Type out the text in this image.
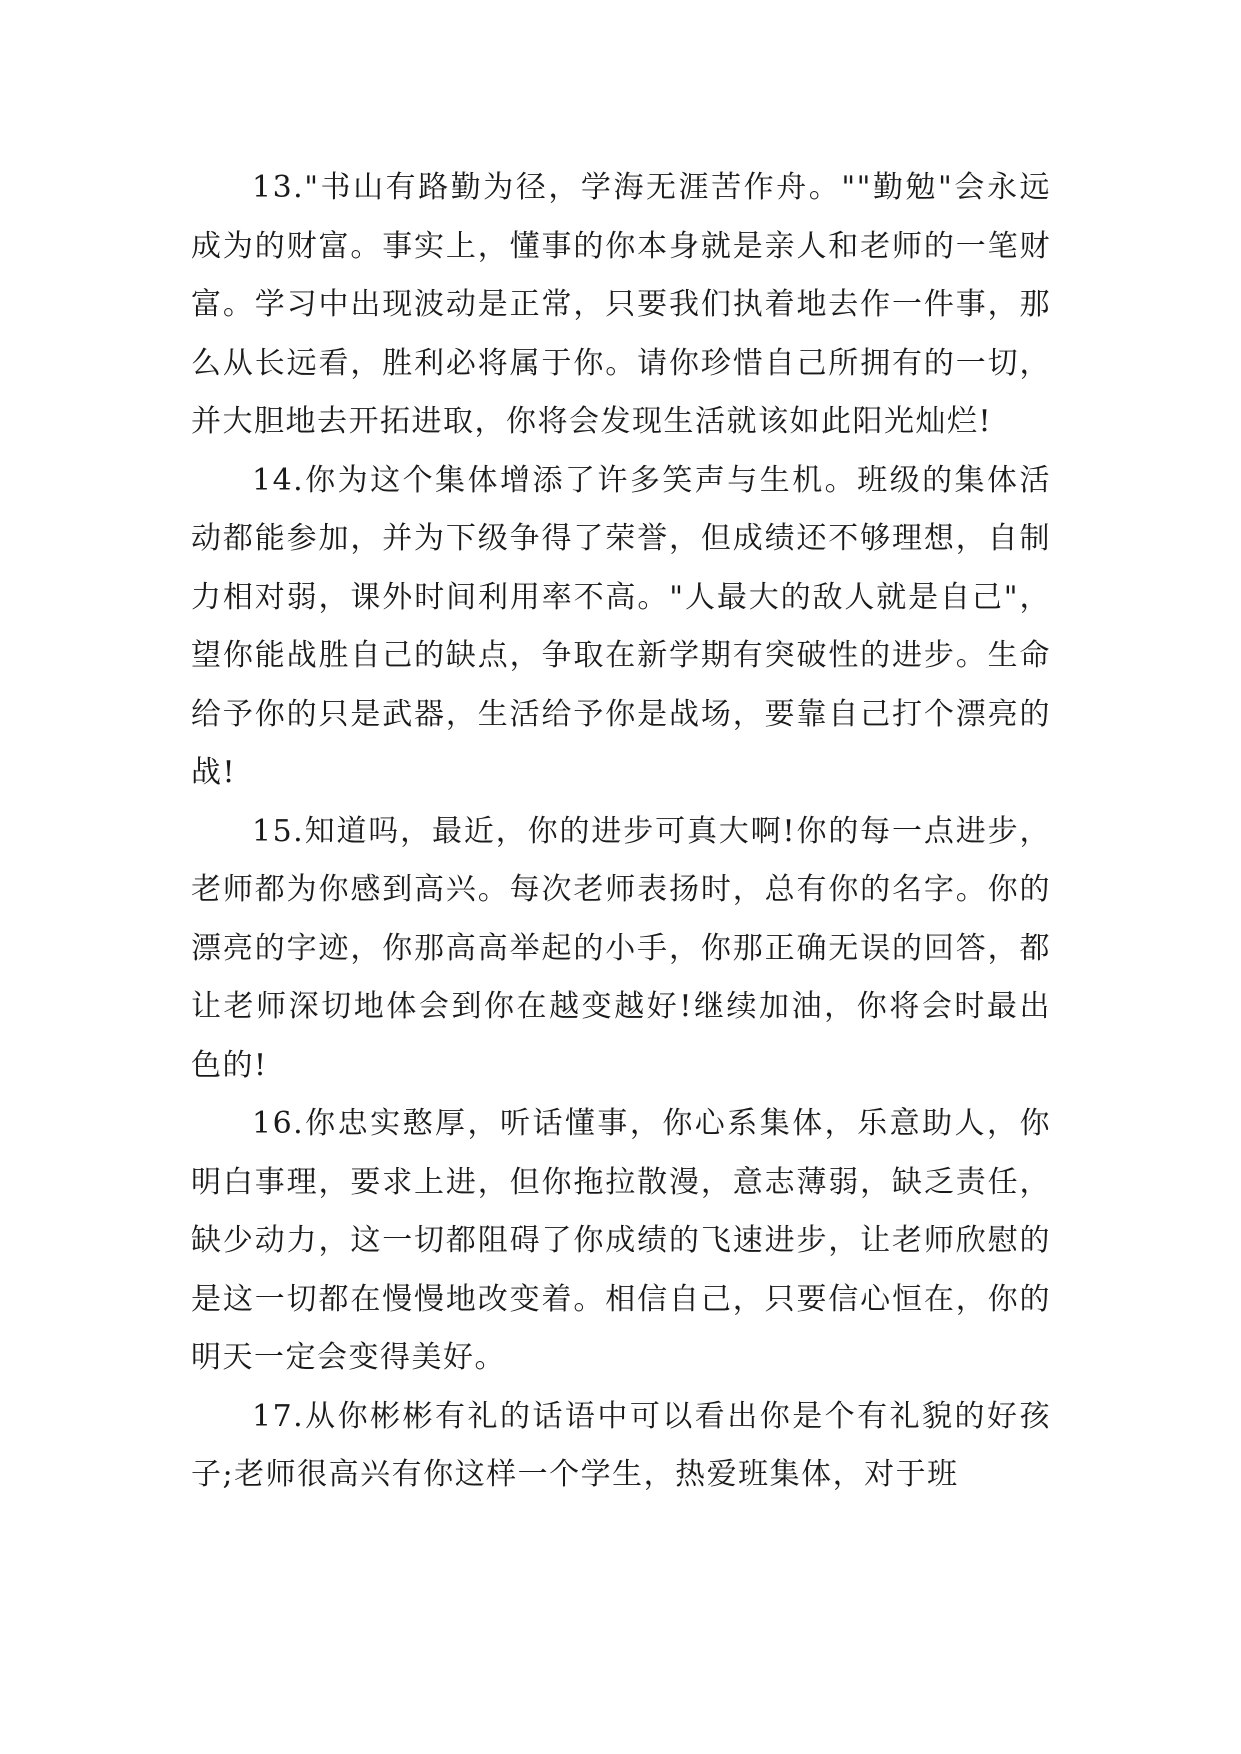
13."书山有路勤为径，学海无涯苦作舟。""勤勉"会永远成为的财富。事实上，懂事的你本身就是亲人和老师的一笔财富。学习中出现波动是正常，只要我们执着地去作一件事，那么从长远看，胜利必将属于你。请你珍惜自己所拥有的一切，并大胆地去开拓进取，你将会发现生活就该如此阳光灿烂!

14.你为这个集体增添了许多笑声与生机。班级的集体活动都能参加，并为下级争得了荣誉，但成绩还不够理想，自制力相对弱，课外时间利用率不高。"人最大的敌人就是自己"，望你能战胜自己的缺点，争取在新学期有突破性的进步。生命给予你的只是武器，生活给予你是战场，要靠自己打个漂亮的战!

15.知道吗，最近，你的进步可真大啊!你的每一点进步，老师都为你感到高兴。每次老师表扬时，总有你的名字。你的漂亮的字迹，你那高高举起的小手，你那正确无误的回答，都让老师深切地体会到你在越变越好!继续加油，你将会时最出色的!

16.你忠实憨厚，听话懂事，你心系集体，乐意助人，你明白事理，要求上进，但你拖拉散漫，意志薄弱，缺乏责任，缺少动力，这一切都阻碍了你成绩的飞速进步，让老师欣慰的是这一切都在慢慢地改变着。相信自己，只要信心恒在，你的明天一定会变得美好。

17.从你彬彬有礼的话语中可以看出你是个有礼貌的好孩子;老师很高兴有你这样一个学生，热爱班集体，对于班
